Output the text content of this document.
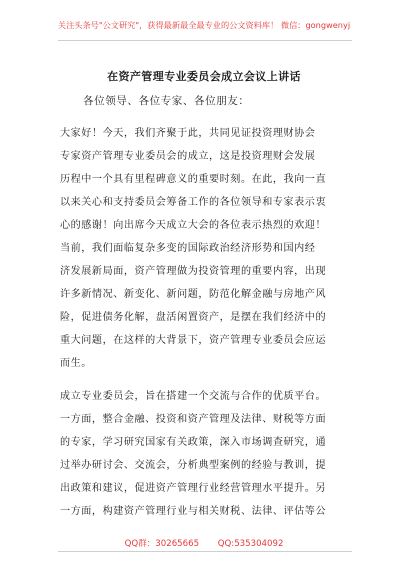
关注头条号"公文研究"，获得最新最全最专业的公文资料库！ 微信：gongwenyj
在资产管理专业委员会成立会议上讲话
各位领导、各位专家、各位朋友：
大家好！今天，我们齐聚于此，共同见证投资理财协会
专家资产管理专业委员会的成立，这是投资理财会发展
历程中一个具有里程碑意义的重要时刻。在此，我向一直
以来关心和支持委员会筹备工作的各位领导和专家表示衷
心的感谢！向出席今天成立大会的各位表示热烈的欢迎！
当前，我们面临复杂多变的国际政治经济形势和国内经
济发展新局面，资产管理做为投资管理的重要内容，出现
许多新情况、新变化、新问题，防范化解金融与房地产风
险，促进债务化解，盘活闲置资产，是摆在我们经济中的
重大问题，在这样的大背景下，资产管理专业委员会应运
而生。
成立专业委员会，旨在搭建一个交流与合作的优质平台。
一方面，整合金融、投资和资产管理及法律、财税等方面
的专家，学习研究国家有关政策，深入市场调查研究，通
过举办研讨会、交流会，分析典型案例的经验与教训，提
出政策和建议，促进资产管理行业经营管理水平提升。另
一方面，构建资产管理行业与相关财税、法律、评估等公
QQ群：30265665 QQ:535304092
